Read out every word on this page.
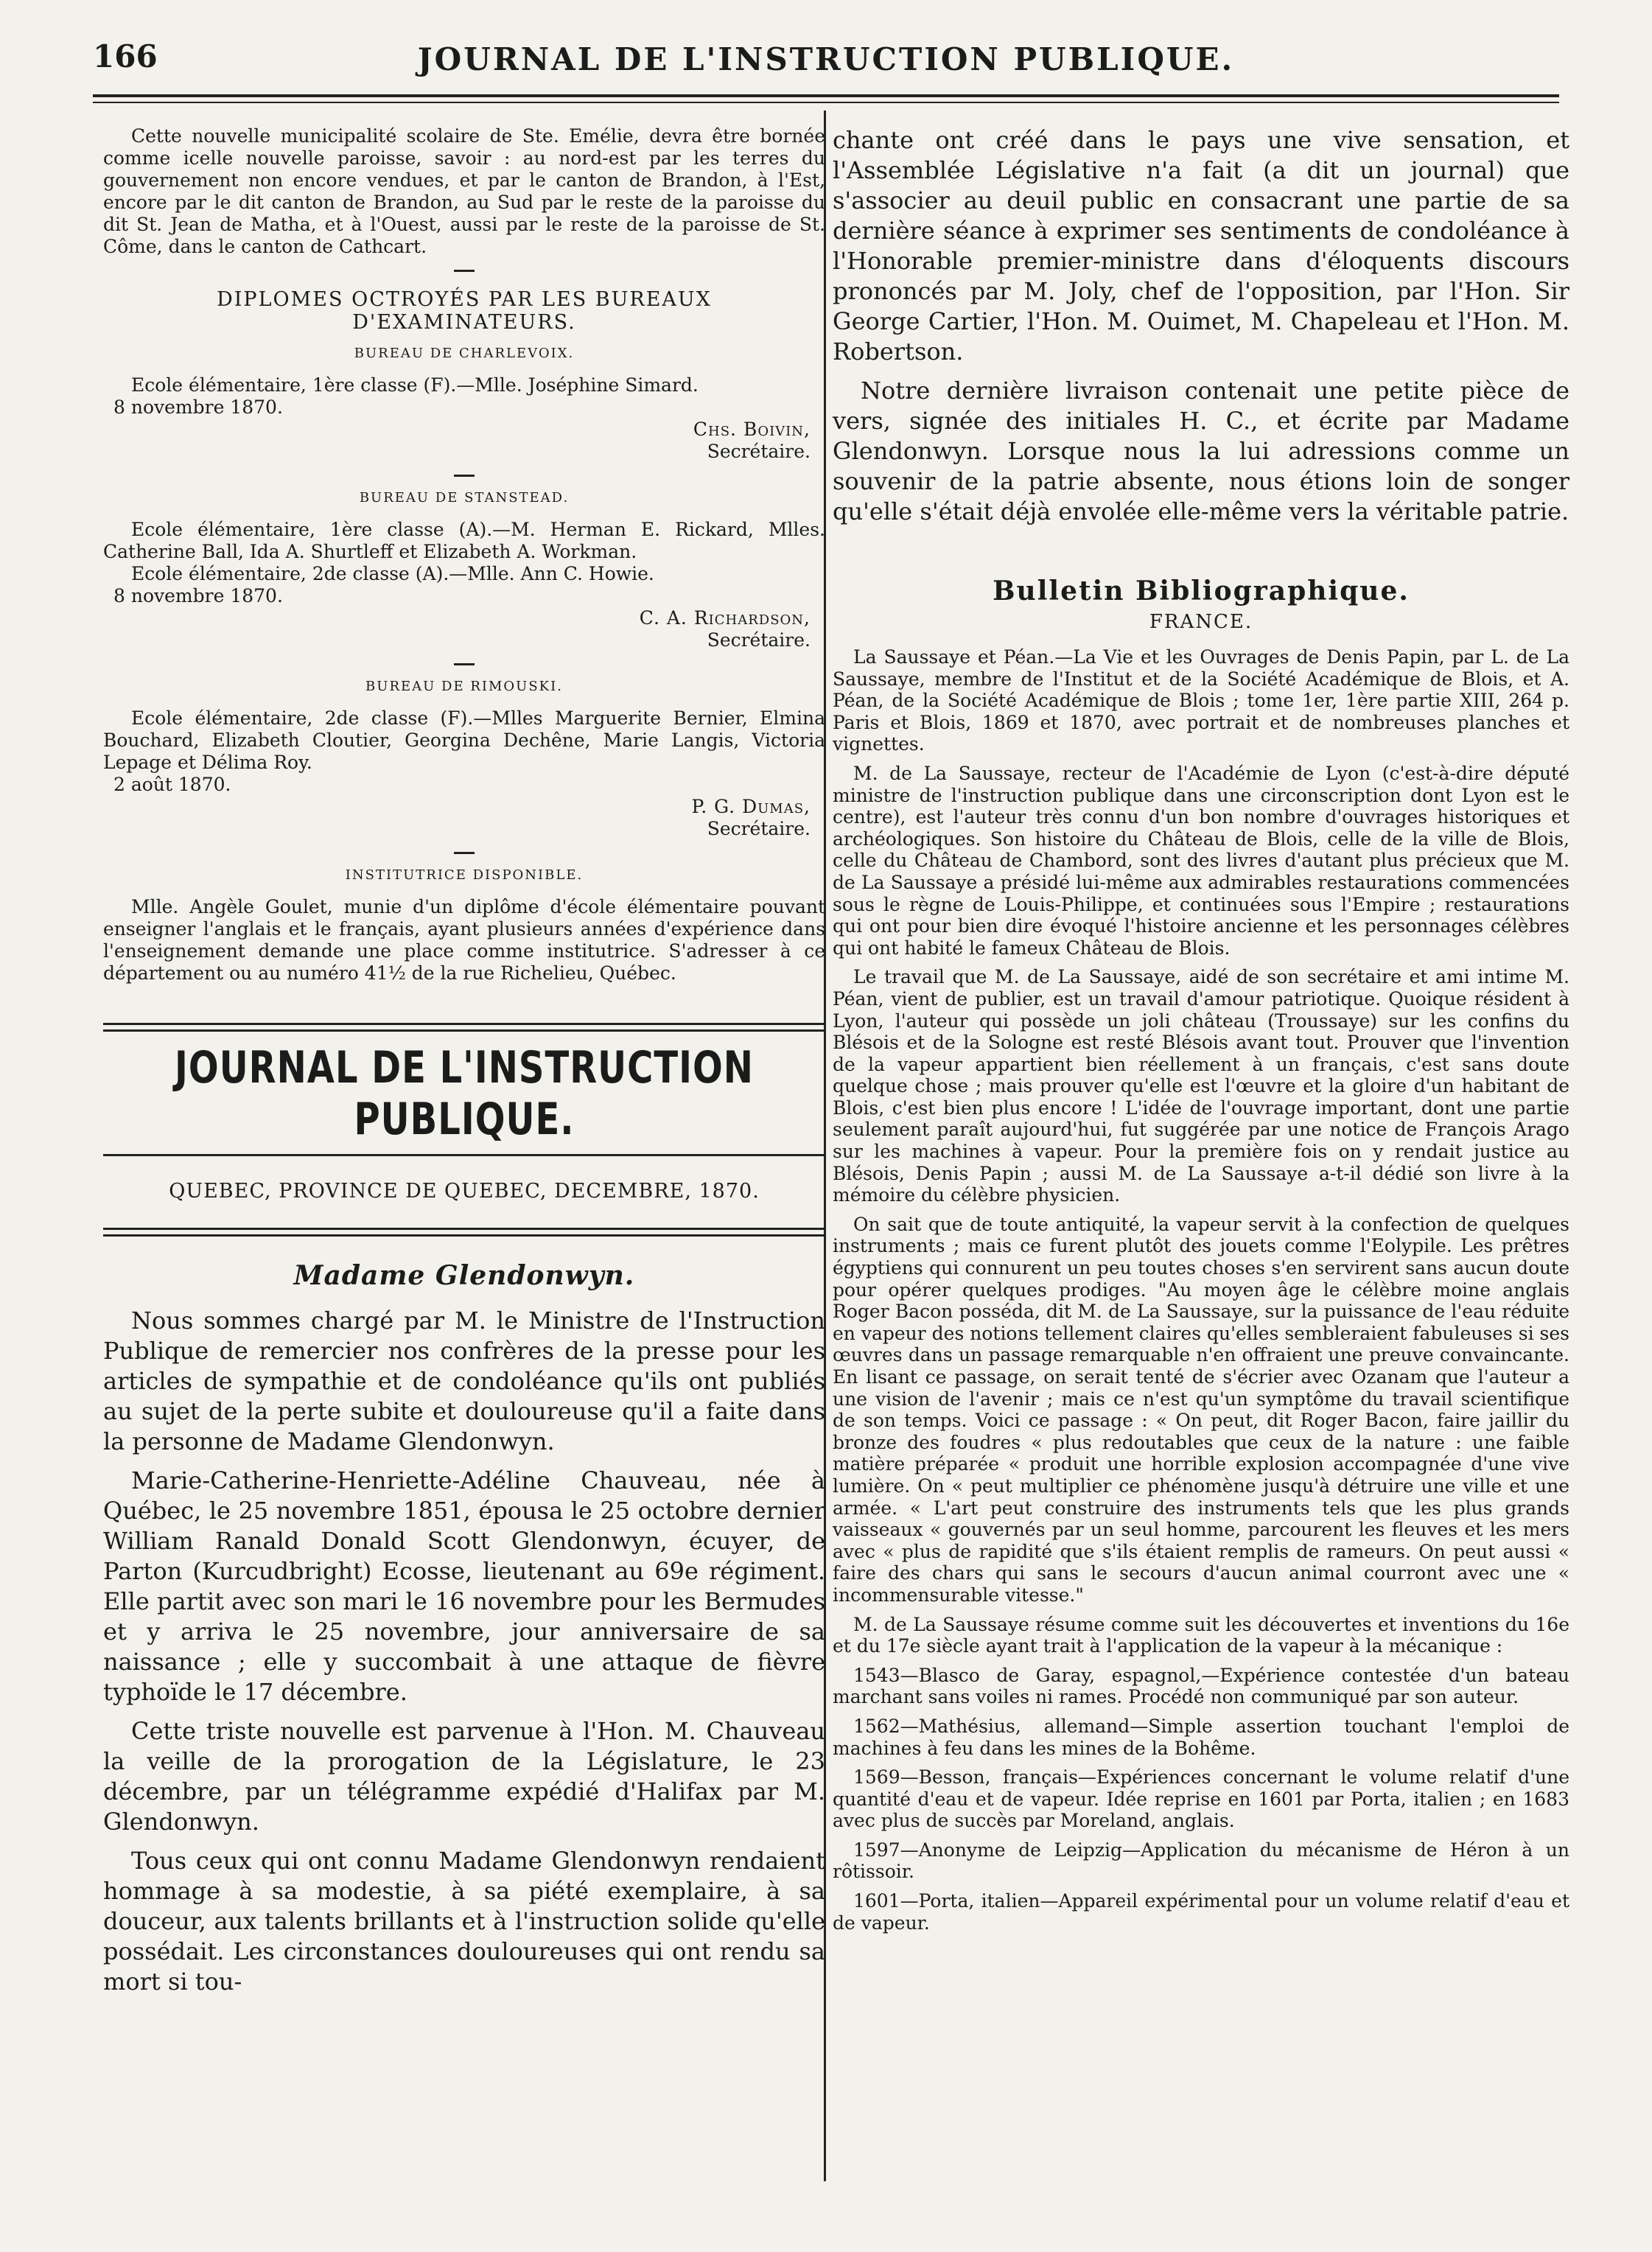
166	JOURNAL DE L'INSTRUCTION PUBLIQUE.

Cette nouvelle municipalité scolaire de Ste. Emélie, devra être bornée comme icelle nouvelle paroisse, savoir : au nord-est par les terres du gouvernement non encore vendues, et par le canton de Brandon, à l'Est, encore par le dit canton de Brandon, au Sud par le reste de la paroisse du dit St. Jean de Matha, et à l'Ouest, aussi par le reste de la paroisse de St. Côme, dans le canton de Cathcart.

DIPLOMES OCTROYÉS PAR LES BUREAUX D'EXAMINATEURS.
BUREAU DE CHARLEVOIX.

Ecole élémentaire, 1ère classe (F).—Mlle. Joséphine Simard.

8 novembre 1870.

Chs. Boivin,

Secrétaire.

BUREAU DE STANSTEAD.

Ecole élémentaire, 1ère classe (A).—M. Herman E. Rickard, Mlles. Catherine Ball, Ida A. Shurtleff et Elizabeth A. Workman.

Ecole élémentaire, 2de classe (A).—Mlle. Ann C. Howie.

8 novembre 1870.

C. A. Richardson,

Secrétaire.

BUREAU DE RIMOUSKI.

Ecole élémentaire, 2de classe (F).—Mlles Marguerite Bernier, Elmina Bouchard, Elizabeth Cloutier, Georgina Dechêne, Marie Langis, Victoria Lepage et Délima Roy.

2 août 1870.

P. G. Dumas,

Secrétaire.

INSTITUTRICE DISPONIBLE.

Mlle. Angèle Goulet, munie d'un diplôme d'école élémentaire pouvant enseigner l'anglais et le français, ayant plusieurs années d'expérience dans l'enseignement demande une place comme institutrice. S'adresser à ce département ou au numéro 41½ de la rue Richelieu, Québec.

JOURNAL DE L'INSTRUCTION PUBLIQUE.
QUEBEC, PROVINCE DE QUEBEC, DECEMBRE, 1870.
Madame Glendonwyn.

Nous sommes chargé par M. le Ministre de l'Instruction Publique de remercier nos confrères de la presse pour les articles de sympathie et de condoléance qu'ils ont publiés au sujet de la perte subite et douloureuse qu'il a faite dans la personne de Madame Glendonwyn.

Marie-Catherine-Henriette-Adéline Chauveau, née à Québec, le 25 novembre 1851, épousa le 25 octobre dernier William Ranald Donald Scott Glendonwyn, écuyer, de Parton (Kurcudbright) Ecosse, lieutenant au 69e régiment. Elle partit avec son mari le 16 novembre pour les Bermudes et y arriva le 25 novembre, jour anniversaire de sa naissance ; elle y succombait à une attaque de fièvre typhoïde le 17 décembre.

Cette triste nouvelle est parvenue à l'Hon. M. Chauveau la veille de la prorogation de la Législature, le 23 décembre, par un télégramme expédié d'Halifax par M. Glendonwyn.

Tous ceux qui ont connu Madame Glendonwyn rendaient hommage à sa modestie, à sa piété exemplaire, à sa douceur, aux talents brillants et à l'instruction solide qu'elle possédait. Les circonstances douloureuses qui ont rendu sa mort si tou-

chante ont créé dans le pays une vive sensation, et l'Assemblée Législative n'a fait (a dit un journal) que s'associer au deuil public en consacrant une partie de sa dernière séance à exprimer ses sentiments de condoléance à l'Honorable premier-ministre dans d'éloquents discours prononcés par M. Joly, chef de l'opposition, par l'Hon. Sir George Cartier, l'Hon. M. Ouimet, M. Chapeleau et l'Hon. M. Robertson.

Notre dernière livraison contenait une petite pièce de vers, signée des initiales H. C., et écrite par Madame Glendonwyn. Lorsque nous la lui adressions comme un souvenir de la patrie absente, nous étions loin de songer qu'elle s'était déjà envolée elle-même vers la véritable patrie.

Bulletin Bibliographique.
FRANCE.

La Saussaye et Péan.—La Vie et les Ouvrages de Denis Papin, par L. de La Saussaye, membre de l'Institut et de la Société Académique de Blois, et A. Péan, de la Société Académique de Blois ; tome 1er, 1ère partie XIII, 264 p. Paris et Blois, 1869 et 1870, avec portrait et de nombreuses planches et vignettes.

M. de La Saussaye, recteur de l'Académie de Lyon (c'est-à-dire député ministre de l'instruction publique dans une circonscription dont Lyon est le centre), est l'auteur très connu d'un bon nombre d'ouvrages historiques et archéologiques. Son histoire du Château de Blois, celle de la ville de Blois, celle du Château de Chambord, sont des livres d'autant plus précieux que M. de La Saussaye a présidé lui-même aux admirables restaurations commencées sous le règne de Louis-Philippe, et continuées sous l'Empire ; restaurations qui ont pour bien dire évoqué l'histoire ancienne et les personnages célèbres qui ont habité le fameux Château de Blois.

Le travail que M. de La Saussaye, aidé de son secrétaire et ami intime M. Péan, vient de publier, est un travail d'amour patriotique. Quoique résident à Lyon, l'auteur qui possède un joli château (Troussaye) sur les confins du Blésois et de la Sologne est resté Blésois avant tout. Prouver que l'invention de la vapeur appartient bien réellement à un français, c'est sans doute quelque chose ; mais prouver qu'elle est l'œuvre et la gloire d'un habitant de Blois, c'est bien plus encore ! L'idée de l'ouvrage important, dont une partie seulement paraît aujourd'hui, fut suggérée par une notice de François Arago sur les machines à vapeur. Pour la première fois on y rendait justice au Blésois, Denis Papin ; aussi M. de La Saussaye a-t-il dédié son livre à la mémoire du célèbre physicien.

On sait que de toute antiquité, la vapeur servit à la confection de quelques instruments ; mais ce furent plutôt des jouets comme l'Eolypile. Les prêtres égyptiens qui connurent un peu toutes choses s'en servirent sans aucun doute pour opérer quelques prodiges. "Au moyen âge le célèbre moine anglais Roger Bacon posséda, dit M. de La Saussaye, sur la puissance de l'eau réduite en vapeur des notions tellement claires qu'elles sembleraient fabuleuses si ses œuvres dans un passage remarquable n'en offraient une preuve convaincante. En lisant ce passage, on serait tenté de s'écrier avec Ozanam que l'auteur a une vision de l'avenir ; mais ce n'est qu'un symptôme du travail scientifique de son temps. Voici ce passage : « On peut, dit Roger Bacon, faire jaillir du bronze des foudres « plus redoutables que ceux de la nature : une faible matière préparée « produit une horrible explosion accompagnée d'une vive lumière. On « peut multiplier ce phénomène jusqu'à détruire une ville et une armée. « L'art peut construire des instruments tels que les plus grands vaisseaux « gouvernés par un seul homme, parcourent les fleuves et les mers avec « plus de rapidité que s'ils étaient remplis de rameurs. On peut aussi « faire des chars qui sans le secours d'aucun animal courront avec une « incommensurable vitesse."

M. de La Saussaye résume comme suit les découvertes et inventions du 16e et du 17e siècle ayant trait à l'application de la vapeur à la mécanique :

1543—Blasco de Garay, espagnol,—Expérience contestée d'un bateau marchant sans voiles ni rames. Procédé non communiqué par son auteur.

1562—Mathésius, allemand—Simple assertion touchant l'emploi de machines à feu dans les mines de la Bohême.

1569—Besson, français—Expériences concernant le volume relatif d'une quantité d'eau et de vapeur. Idée reprise en 1601 par Porta, italien ; en 1683 avec plus de succès par Moreland, anglais.

1597—Anonyme de Leipzig—Application du mécanisme de Héron à un rôtissoir.

1601—Porta, italien—Appareil expérimental pour un volume relatif d'eau et de vapeur.
